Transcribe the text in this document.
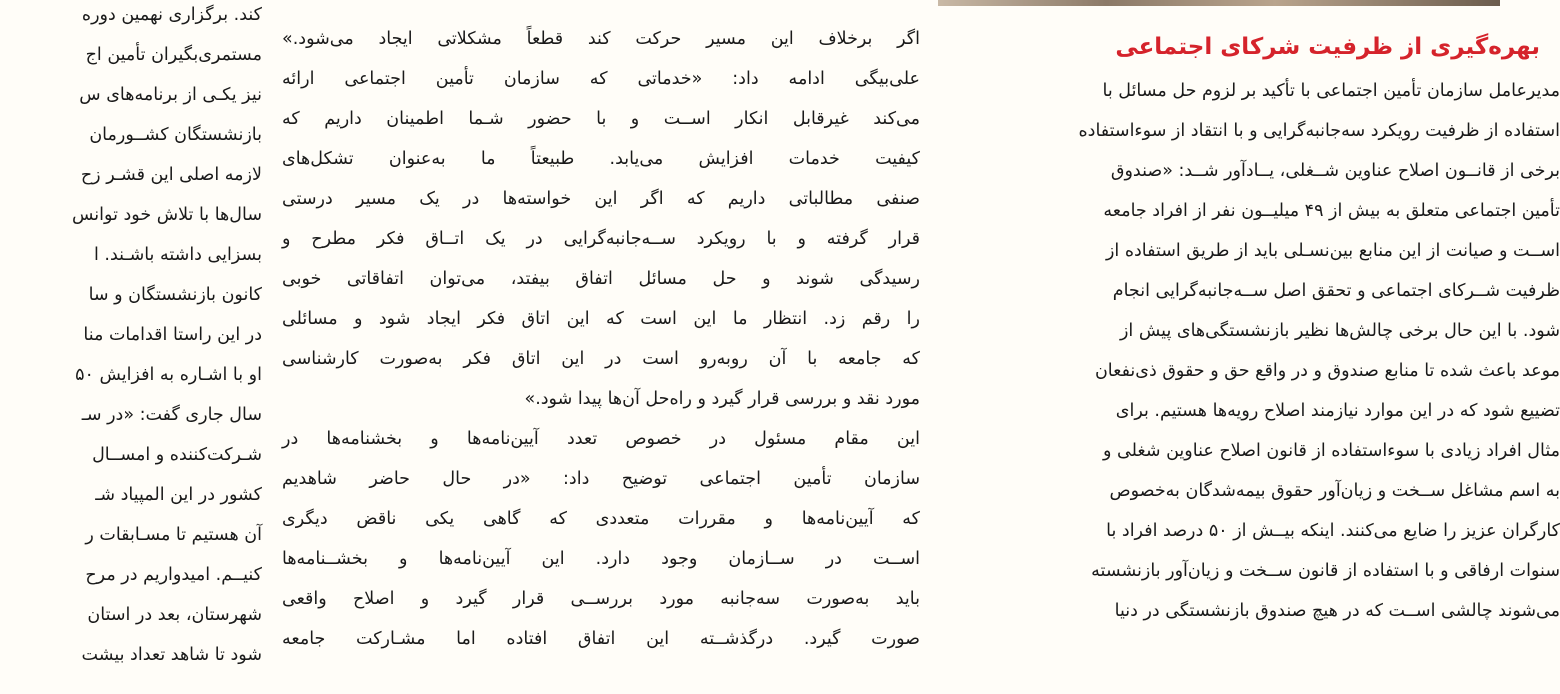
کند. برگزاری نهمین دوره
مستمری‌بگیران تأمین اج
نیز یکـی از برنامه‌های س
بازنشستگان کشــورمان
لازمه اصلی این قشـر زح
سال‌ها با تلاش خود توانس
بسزایی داشته باشـند. ا
کانون بازنشستگان و سا
در این راستا اقدامات منا
او با اشـاره به افزایش ۵۰
سال جاری گفت: «در سـ
شـرکت‌کننده و امســال
کشور در این المپیاد شـ
آن هستیم تا مسـابقات ر
کنیــم. امیدواریم در مرح
شهرستان، بعد در استان
شود تا شاهد تعداد بیشت
اگر برخلاف این مسیر حرکت کند قطعاً مشکلاتی ایجاد می‌شود.»
علی‌بیگی ادامه داد: «خدماتی که سازمان تأمین اجتماعی ارائه
می‌کند غیرقابل انکار اســت و با حضور شـما اطمینان داریم که
کیفیت خدمات افزایش می‌یابد. طبیعتاً ما به‌عنوان تشکل‌های
صنفی مطالباتی داریم که اگر این خواسته‌ها در یک مسیر درستی
قرار گرفته و با رویکرد ســه‌جانبه‌گرایی در یک اتــاق فکر مطرح و
رسیدگی شوند و حل مسائل اتفاق بیفتد، می‌توان اتفاقاتی خوبی
را رقم زد. انتظار ما این است که این اتاق فکر ایجاد شود و مسائلی
که جامعه با آن روبه‌رو است در این اتاق فکر به‌صورت کارشناسی
مورد نقد و بررسی قرار گیرد و راه‌حل آن‌ها پیدا شود.»
این مقام مسئول در خصوص تعدد آیین‌نامه‌ها و بخشنامه‌ها در
سازمان تأمین اجتماعی توضیح داد: «در حال حاضر شاهدیم
که آیین‌نامه‌ها و مقررات متعددی که گاهی یکی ناقض دیگری
اســت در ســازمان وجود دارد. این آیین‌نامه‌ها و بخشــنامه‌ها
باید به‌صورت سه‌جانبه مورد بررســی قرار گیرد و اصلاح واقعی
صورت گیرد. درگذشــته این اتفاق افتاده اما مشـارکت جامعه
بهره‌گیری از ظرفیت شرکای اجتماعی
مدیرعامل سازمان تأمین اجتماعی با تأکید بر لزوم حل مسائل با
استفاده از ظرفیت رویکرد سه‌جانبه‌گرایی و با انتقاد از سوءاستفاده
برخی از قانــون اصلاح عناوین شــغلی، یــادآور شــد: «صندوق
تأمین اجتماعی متعلق به بیش از ۴۹ میلیــون نفر از افراد جامعه
اســت و صیانت از این منابع بین‌نسـلی باید از طریق استفاده از
ظرفیت شــرکای اجتماعی و تحقق اصل ســه‌جانبه‌گرایی انجام
شود. با این حال برخی چالش‌ها نظیر بازنشستگی‌های پیش از
موعد باعث شده تا منابع صندوق و در واقع حق و حقوق ذی‌نفعان
تضییع شود که در این موارد نیازمند اصلاح رویه‌ها هستیم. برای
مثال افراد زیادی با سوءاستفاده از قانون اصلاح عناوین شغلی و
به اسم مشاغل ســخت و زیان‌آور حقوق بیمه‌شدگان به‌خصوص
کارگران عزیز را ضایع می‌کنند. اینکه بیــش از ۵۰ درصد افراد با
سنوات ارفاقی و با استفاده از قانون ســخت و زیان‌آور بازنشسته
می‌شوند چالشی اســت که در هیچ صندوق بازنشستگی در دنیا
